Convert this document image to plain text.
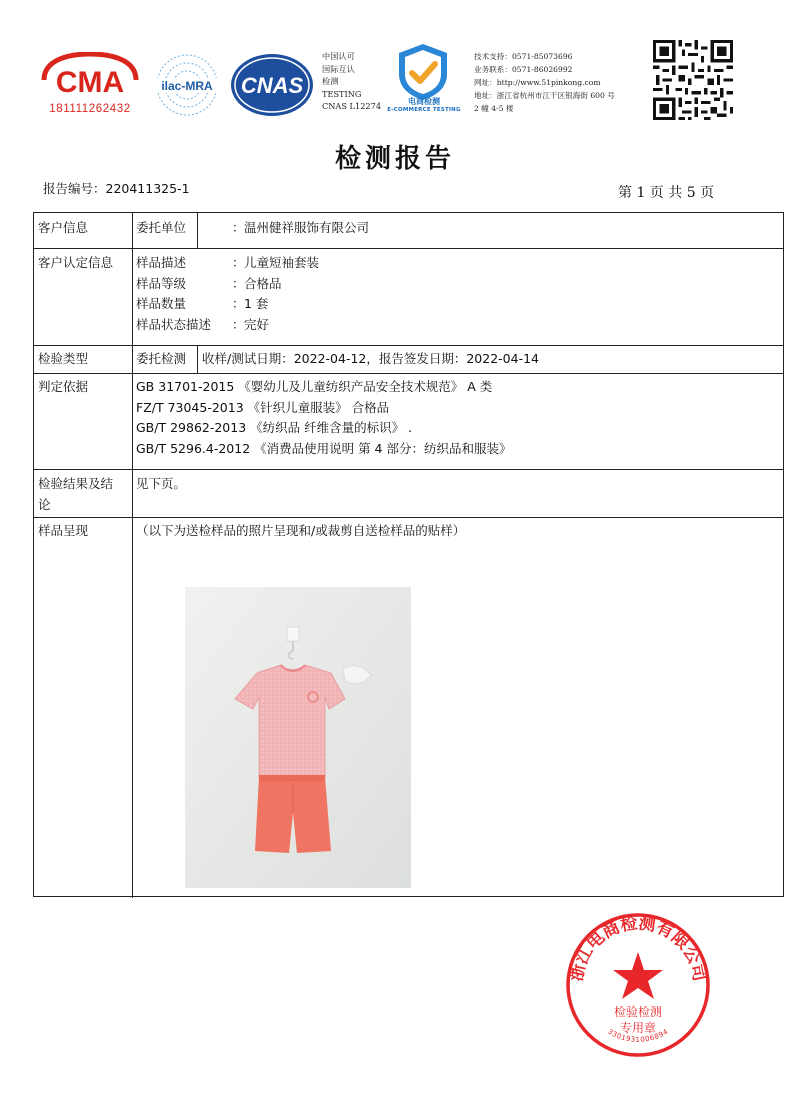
CMA
181111262432
ilac-MRA CNAS
中国认可
国际互认
检测
TESTING
CNAS L12274	电商检测
E-COMMERCE TESTING
技术支持：0571-85073696
业务联系：0571-86026992
网址：http://www.51pinkong.com
地址：浙江省杭州市江干区银海街 600 号
2 幢 4-5 楼
检测报告
报告编号：220411325-1	第 1 页 共 5 页
客户信息	委托单位	： 温州健祥服饰有限公司
客户认定信息 样品描述	： 儿童短袖套装
样品等级	： 合格品
样品数量	： 1 套
样品状态描述 ： 完好
检验类型	委托检测 收样/测试日期：2022-04-12，报告签发日期：2022-04-14
判定依据	GB 31701-2015 《婴幼儿及儿童纺织产品安全技术规范》 A 类
FZ/T 73045-2013 《针织儿童服装》 合格品
GB/T 29862-2013 《纺织品 纤维含量的标识》 .
GB/T 5296.4-2012 《消费品使用说明 第 4 部分：纺织品和服装》
检验结果及结
论
见下页。
样品呈现	（以下为送检样品的照片呈现和/或裁剪自送检样品的贴样）
浙江电商检测有限公司
检验检测
专用章
3301931006894
